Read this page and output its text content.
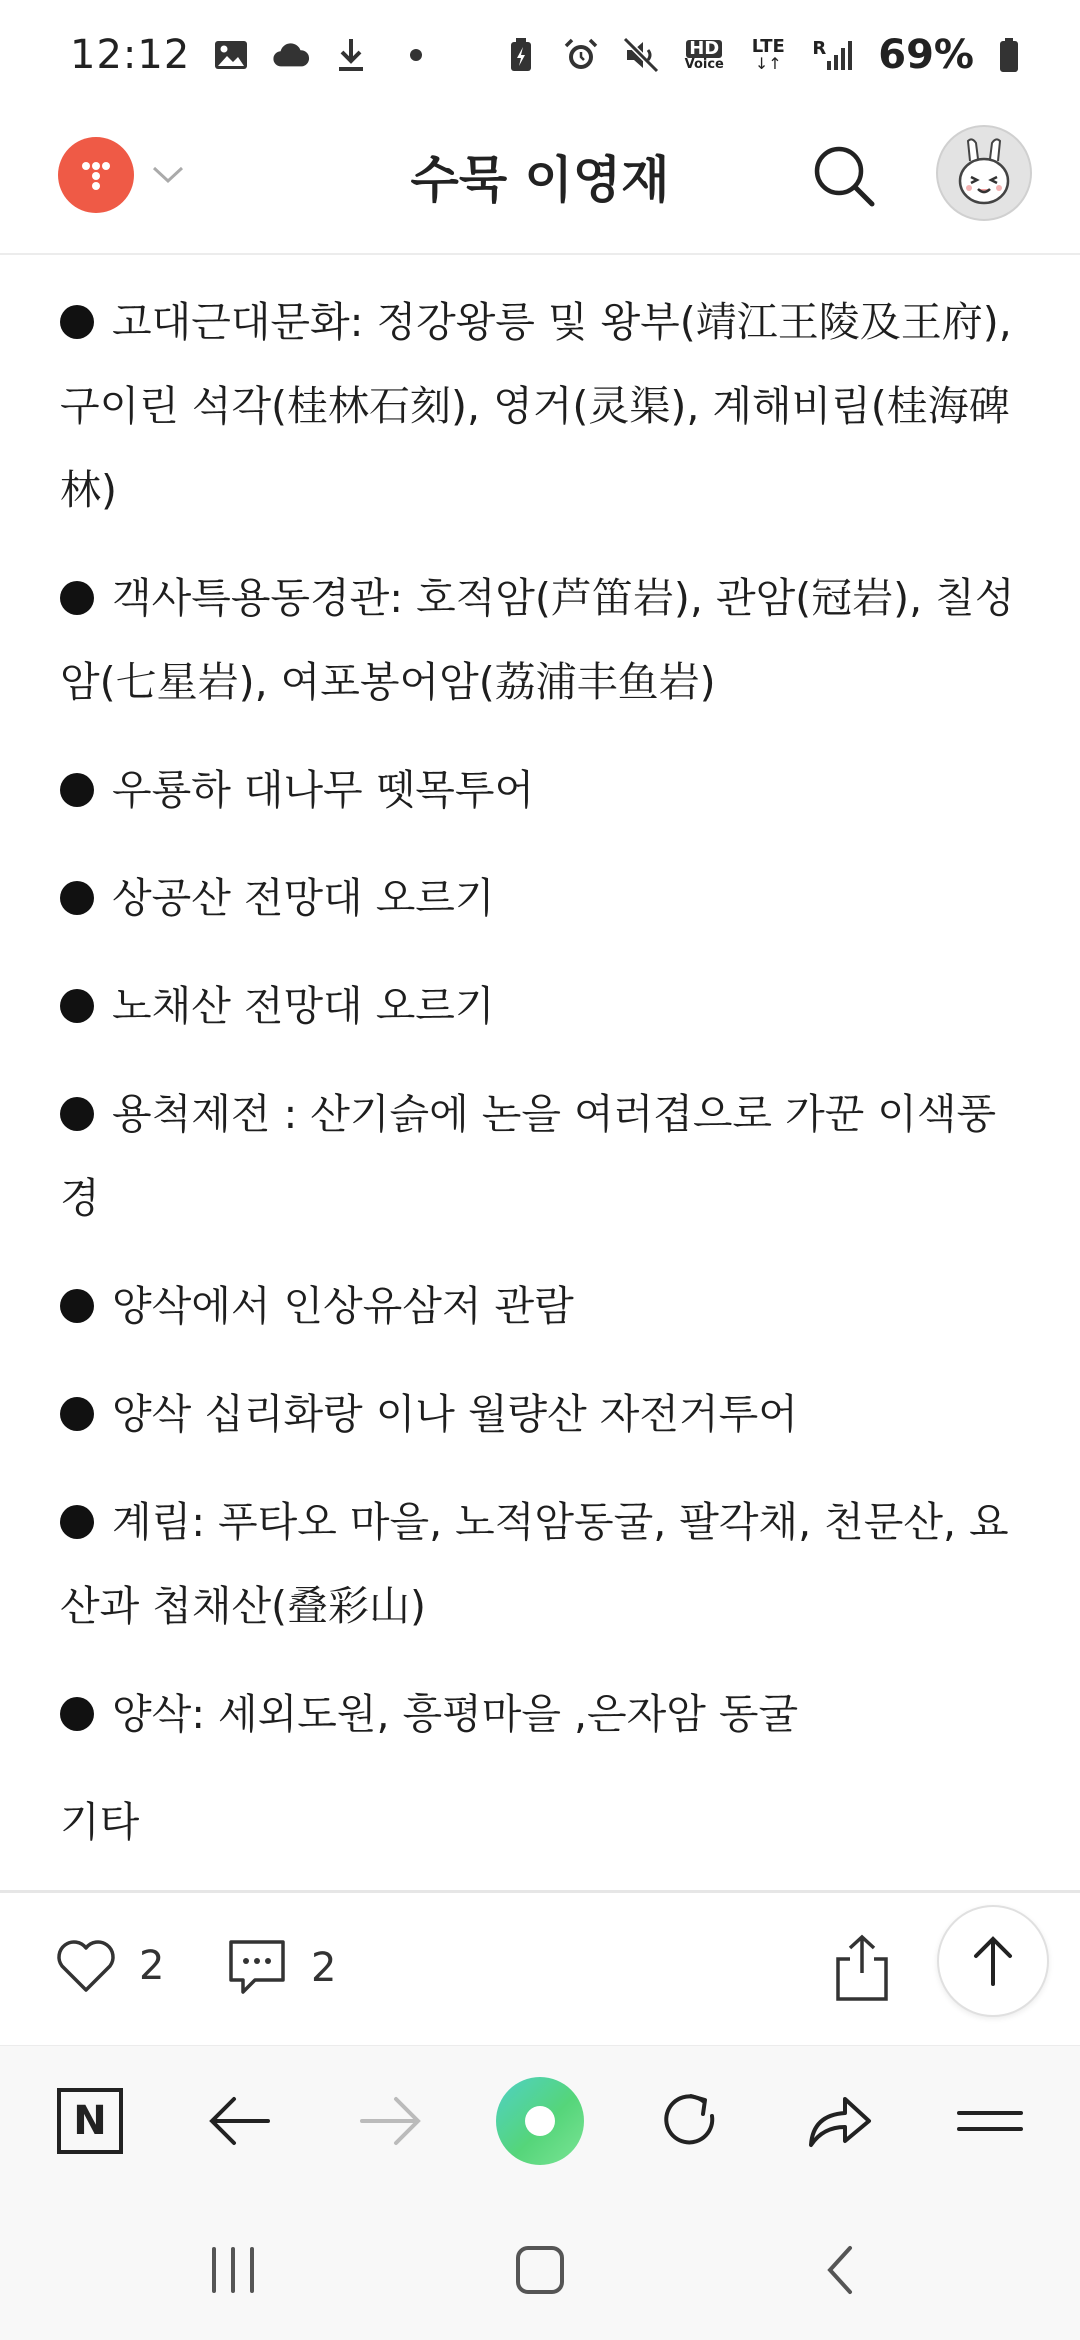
12:12	HD
Voice
LTE
↓↑
R 69%
수묵 이영재

고대근대문화: 정강왕릉 및 왕부(靖江王陵及王府), 구이린 석각(桂林石刻), 영거(灵渠), 계해비림(桂海碑林)

객사특용동경관: 호적암(芦笛岩), 관암(冠岩), 칠성암(七星岩), 여포봉어암(荔浦丰鱼岩)

우룡하 대나무 뗏목투어

상공산 전망대 오르기

노채산 전망대 오르기

용척제전 : 산기슭에 논을 여러겹으로 가꾼 이색풍경

양삭에서 인상유삼저 관람

양삭 십리화랑 이나 월량산 자전거투어

계림: 푸타오 마을, 노적암동굴, 팔각채, 천문산, 요산과 첩채산(叠彩山)

양삭: 세외도원, 흥평마을 ,은자암 동굴

기타

2	2
N
